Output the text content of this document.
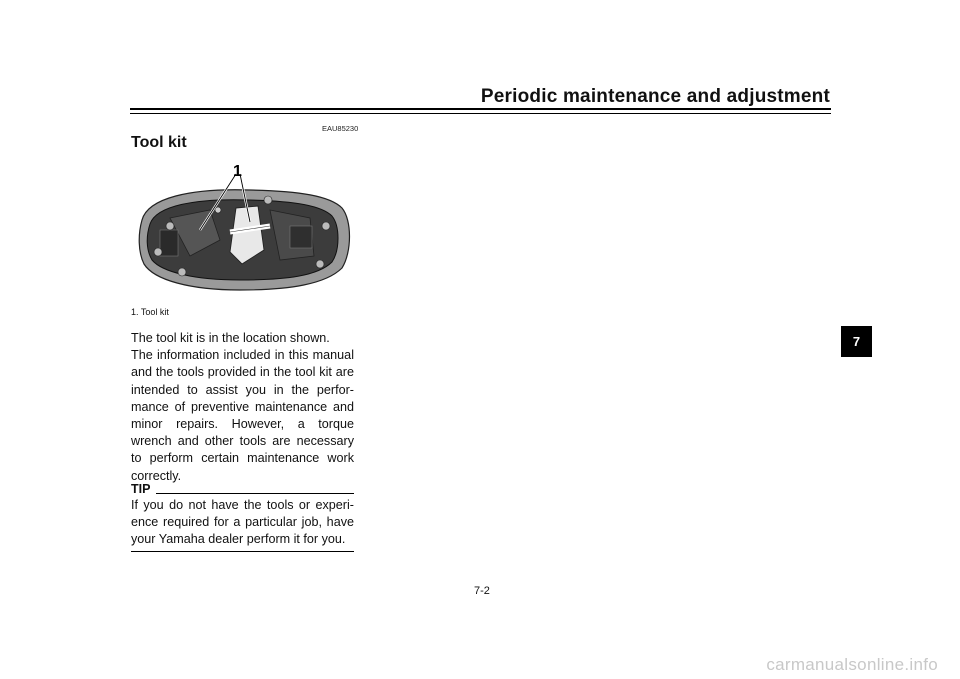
Periodic maintenance and adjustment
EAU85230
Tool kit
1
1. Tool kit

The tool kit is in the location shown.

The information included in this manual and the tools provided in the tool kit are intended to assist you in the perfor- mance of preventive maintenance and minor repairs. However, a torque wrench and other tools are necessary to perform certain maintenance work correctly.

TIP
If you do not have the tools or experi- ence required for a particular job, have your Yamaha dealer perform it for you.
7-2
7
carmanualsonline.info
